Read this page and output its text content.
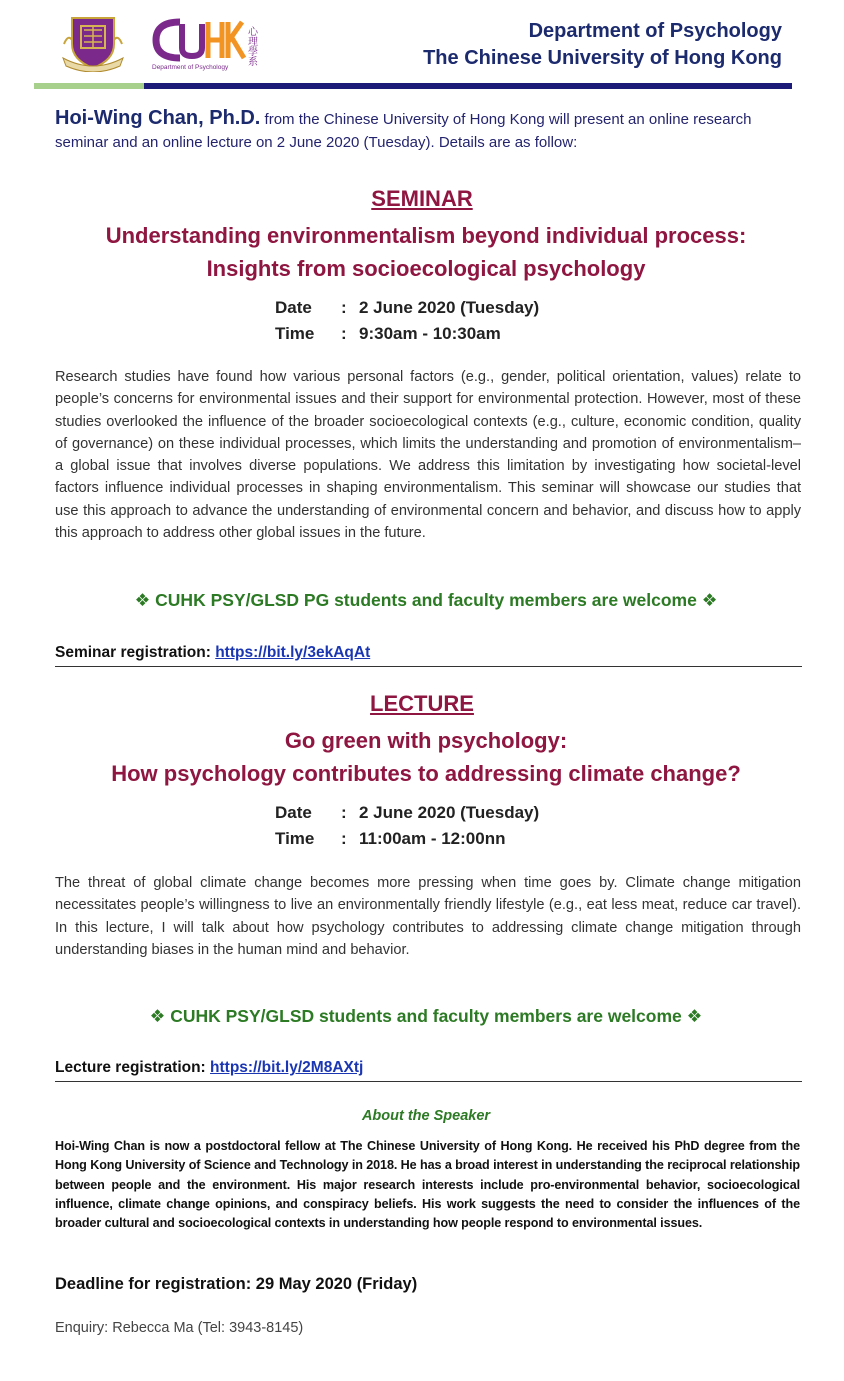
心理學系
Department of Psychology
Department of Psychology
The Chinese University of Hong Kong
Hoi-Wing Chan, Ph.D. from the Chinese University of Hong Kong will present an online research seminar and an online lecture on 2 June 2020 (Tuesday). Details are as follow:
SEMINAR
Understanding environmentalism beyond individual process:
Insights from socioecological psychology
Date : 2 June 2020 (Tuesday)
Time : 9:30am - 10:30am
Research studies have found how various personal factors (e.g., gender, political orientation, values) relate to people’s concerns for environmental issues and their support for environmental protection. However, most of these studies overlooked the influence of the broader socioecological contexts (e.g., culture, economic condition, quality of governance) on these individual processes, which limits the understanding and promotion of environmentalism– a global issue that involves diverse populations. We address this limitation by investigating how societal-level factors influence individual processes in shaping environmentalism. This seminar will showcase our studies that use this approach to advance the understanding of environmental concern and behavior, and discuss how to apply this approach to address other global issues in the future.
❖ CUHK PSY/GLSD PG students and faculty members are welcome ❖
Seminar registration: https://bit.ly/3ekAqAt
LECTURE
Go green with psychology:
How psychology contributes to addressing climate change?
Date : 2 June 2020 (Tuesday)
Time : 11:00am - 12:00nn
The threat of global climate change becomes more pressing when time goes by. Climate change mitigation necessitates people’s willingness to live an environmentally friendly lifestyle (e.g., eat less meat, reduce car travel). In this lecture, I will talk about how psychology contributes to addressing climate change mitigation through understanding biases in the human mind and behavior.
❖ CUHK PSY/GLSD students and faculty members are welcome ❖
Lecture registration: https://bit.ly/2M8AXtj
About the Speaker
Hoi-Wing Chan is now a postdoctoral fellow at The Chinese University of Hong Kong. He received his PhD degree from the Hong Kong University of Science and Technology in 2018. He has a broad interest in understanding the reciprocal relationship between people and the environment. His major research interests include pro-environmental behavior, socioecological influence, climate change opinions, and conspiracy beliefs. His work suggests the need to consider the influences of the broader cultural and socioecological contexts in understanding how people respond to environmental issues.
Deadline for registration: 29 May 2020 (Friday)
Enquiry: Rebecca Ma (Tel: 3943-8145)
